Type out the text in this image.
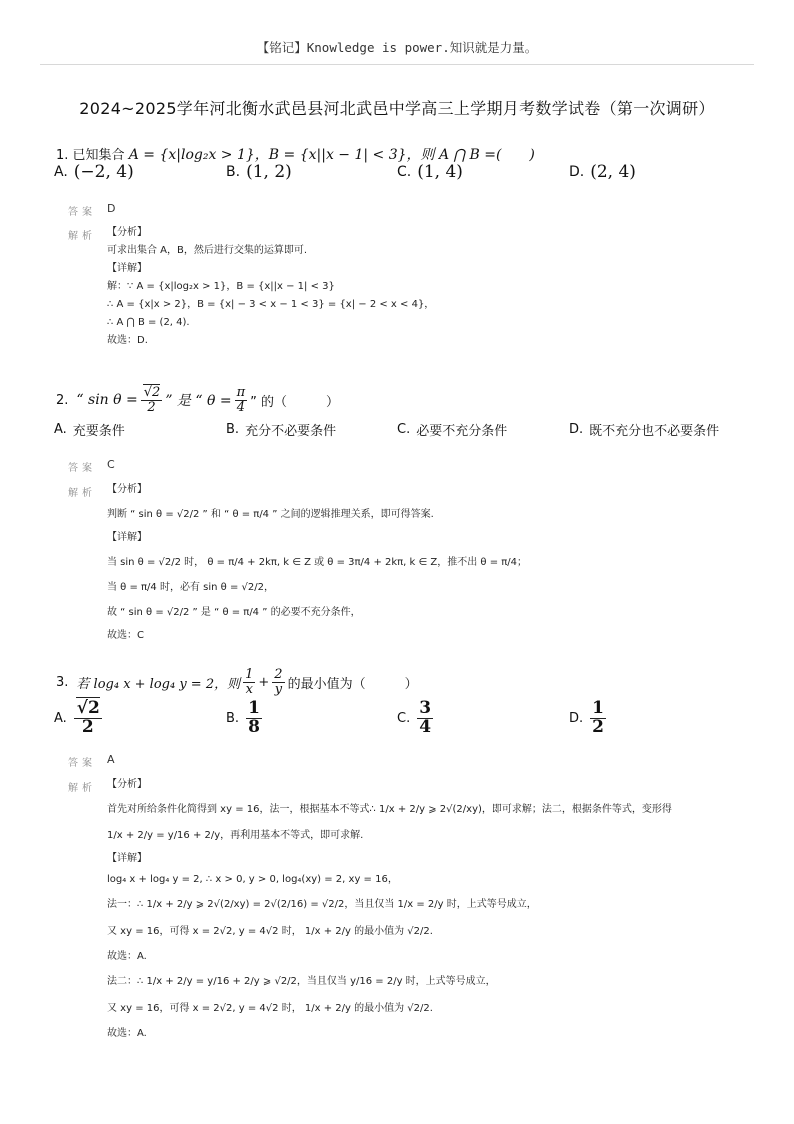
【铭记】Knowledge is power.知识就是力量。
2024~2025学年河北衡水武邑县河北武邑中学高三上学期月考数学试卷（第一次调研）
1. 已知集合 A = {x|log₂x > 1}，B = {x||x − 1| < 3}，则 A ⋂ B =(　　)
A. (−2, 4)	B. (1, 2)	C. (1, 4)	D. (2, 4)
答案 D
解析 【分析】
可求出集合 A，B，然后进行交集的运算即可.
【详解】
解：∵ A = {x|log₂x > 1}，B = {x||x − 1| < 3}
∴ A = {x|x > 2}，B = {x| − 3 < x − 1 < 3} = {x| − 2 < x < 4}，
∴ A ⋂ B = (2, 4).
故选：D.
2. “ $\sin \theta = \frac{√2}{2}$ ” 是 “ $\theta = \frac{\pi}{4}$ ” 的（　　　）
A. 充要条件	B. 充分不必要条件	C. 必要不充分条件	D. 既不充分也不必要条件
答案 C
解析 【分析】
判断 “ sin θ = √2/2 ” 和 “ θ = π/4 ” 之间的逻辑推理关系，即可得答案.
【详解】
当 sin θ = √2/2 时， θ = π/4 + 2kπ, k ∈ Z 或 θ = 3π/4 + 2kπ, k ∈ Z，推不出 θ = π/4；
当 θ = π/4 时，必有 sin θ = √2/2，
故 “ sin θ = √2/2 ” 是 “ θ = π/4 ” 的必要不充分条件，
故选：C
3. 若 log₄ x + log₄ y = 2，则 $\frac{1}{x} + \frac{2}{y}$ 的最小值为（　　　）
A. $\frac{√2}{2}$	B. $\frac{1}{8}$	C. $\frac{3}{4}$	D. $\frac{1}{2}$
答案 A
解析 【分析】
首先对所给条件化简得到 xy = 16，法一，根据基本不等式∴ 1/x + 2/y ⩾ 2√(2/xy)，即可求解；法二，根据条件等式，变形得
1/x + 2/y = y/16 + 2/y，再利用基本不等式，即可求解.
【详解】
log₄ x + log₄ y = 2, ∴ x > 0, y > 0, log₄(xy) = 2, xy = 16，
法一：∴ 1/x + 2/y ⩾ 2√(2/xy) = 2√(2/16) = √2/2，当且仅当 1/x = 2/y 时，上式等号成立，
又 xy = 16，可得 x = 2√2, y = 4√2 时， 1/x + 2/y 的最小值为 √2/2.
故选：A.
法二：∴ 1/x + 2/y = y/16 + 2/y ⩾ √2/2，当且仅当 y/16 = 2/y 时，上式等号成立，
又 xy = 16，可得 x = 2√2, y = 4√2 时， 1/x + 2/y 的最小值为 √2/2.
故选：A.
